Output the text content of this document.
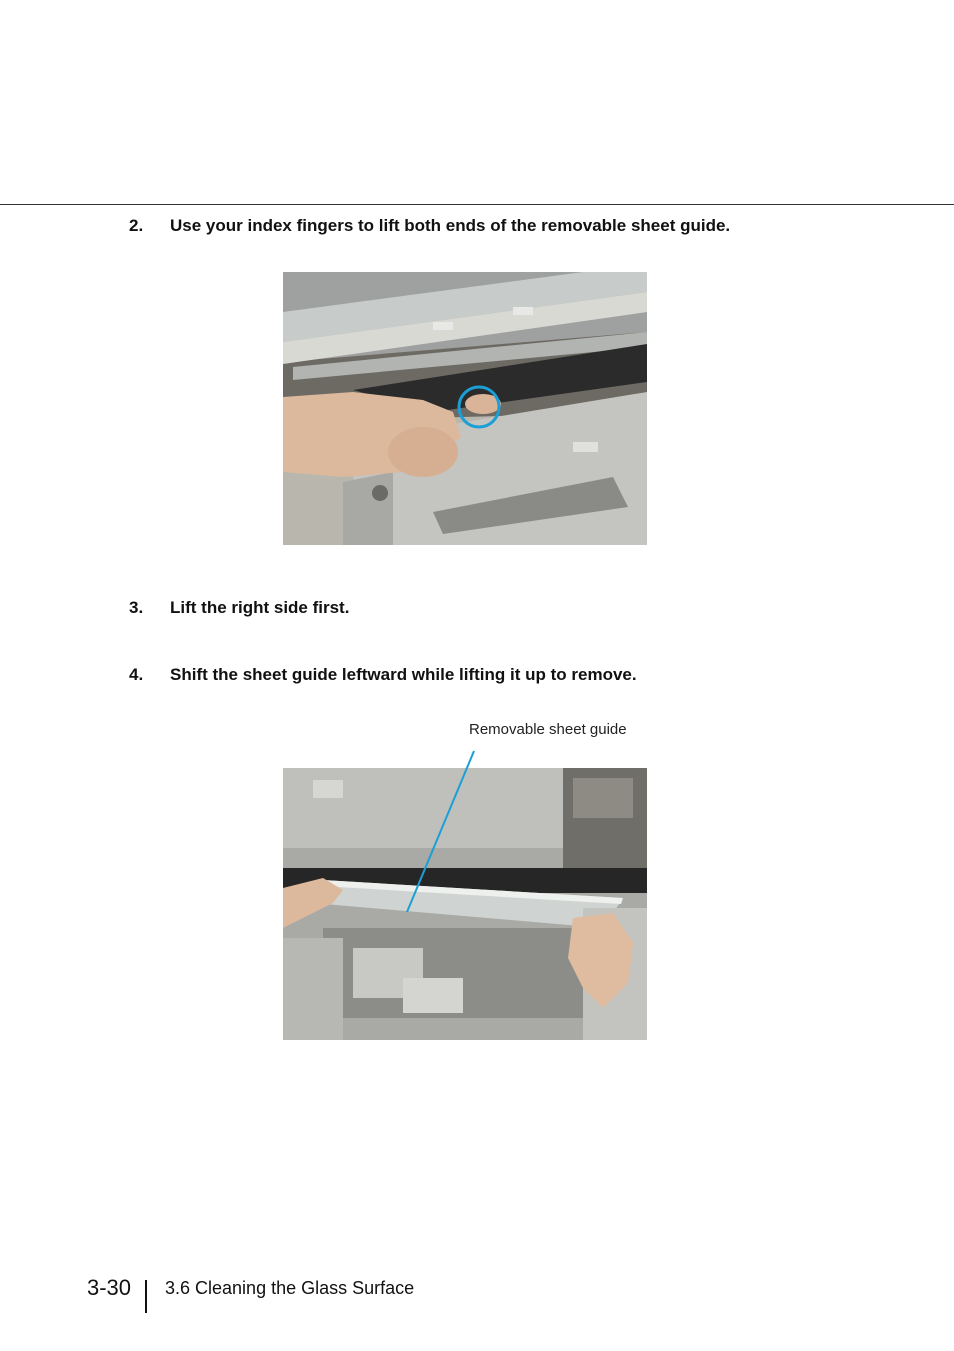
2. Use your index fingers to lift both ends of the removable sheet guide.
3. Lift the right side first.
4. Shift the sheet guide leftward while lifting it up to remove.
Removable sheet guide
3-30 3.6 Cleaning the Glass Surface
